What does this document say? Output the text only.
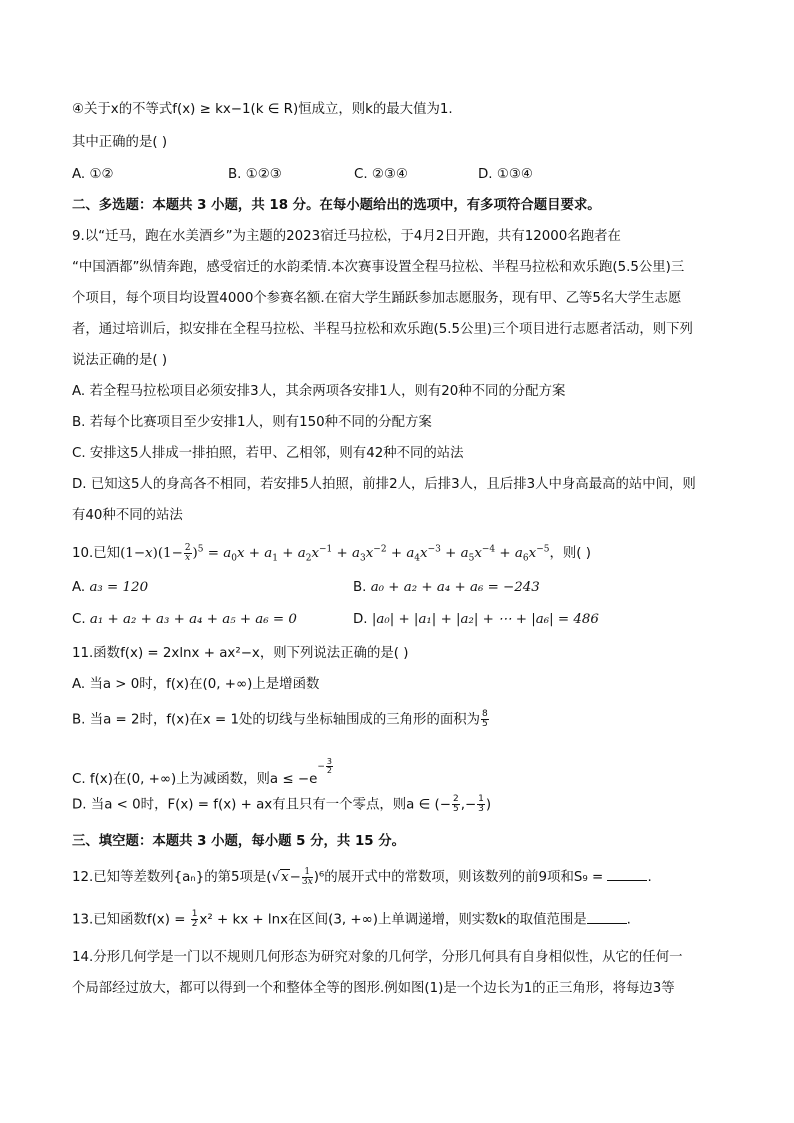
④关于x的不等式f(x) ≥ kx−1(k ∈ R)恒成立，则k的最大值为1.
其中正确的是( )
A. ①②	B. ①②③	C. ②③④	D. ①③④
二、多选题：本题共 3 小题，共 18 分。在每小题给出的选项中，有多项符合题目要求。
9.以“迁马，跑在水美酒乡”为主题的2023宿迁马拉松，于4月2日开跑，共有12000名跑者在
“中国酒都”纵情奔跑，感受宿迁的水韵柔情.本次赛事设置全程马拉松、半程马拉松和欢乐跑(5.5公里)三
个项目，每个项目均设置4000个参赛名额.在宿大学生踊跃参加志愿服务，现有甲、乙等5名大学生志愿
者，通过培训后，拟安排在全程马拉松、半程马拉松和欢乐跑(5.5公里)三个项目进行志愿者活动，则下列
说法正确的是( )
A. 若全程马拉松项目必须安排3人，其余两项各安排1人，则有20种不同的分配方案
B. 若每个比赛项目至少安排1人，则有150种不同的分配方案
C. 安排这5人排成一排拍照，若甲、乙相邻，则有42种不同的站法
D. 已知这5人的身高各不相同，若安排5人拍照，前排2人，后排3人，且后排3人中身高最高的站中间，则
有40种不同的站法
10.已知$(1-x)(1- \frac{2}{x} )^5 = a_0x + a_1 + a_2x^{-1} + a_3x^{-2} + a_4x^{-3} + a_5x^{-4} + a_6x^{-5}$，则( )
A. a₃ = 120	B. a₀ + a₂ + a₄ + a₆ = −243
C. a₁ + a₂ + a₃ + a₄ + a₅ + a₆ = 0	D. |a₀| + |a₁| + |a₂| + ⋯ + |a₆| = 486
11.函数f(x) = 2xlnx + ax²−x，则下列说法正确的是( )
A. 当a > 0时，f(x)在(0, +∞)上是增函数
B. 当a = 2时，f(x)在x = 1处的切线与坐标轴围成的三角形的面积为 $\frac{8}{5}$
C. f(x)在(0, +∞)上为减函数，则$a \le -e- \frac{3}{2}$
D. 当a < 0时，F(x) = f(x) + ax有且只有一个零点，则a ∈ (− $\frac{2}{5}$ ,− $\frac{1}{3}$ )
三、填空题：本题共 3 小题，每小题 5 分，共 15 分。
12.已知等差数列{aₙ}的第5项是$(√x- \frac{1}{3x} )^6$的展开式中的常数项，则该数列的前9项和S₉ =	.
13.已知函数$f(x) = \frac{1}{2} x^2$ + kx + lnx在区间(3, +∞)上单调递增，则实数k的取值范围是	.
14.分形几何学是一门以不规则几何形态为研究对象的几何学，分形几何具有自身相似性，从它的任何一
个局部经过放大，都可以得到一个和整体全等的图形.例如图(1)是一个边长为1的正三角形，将每边3等
